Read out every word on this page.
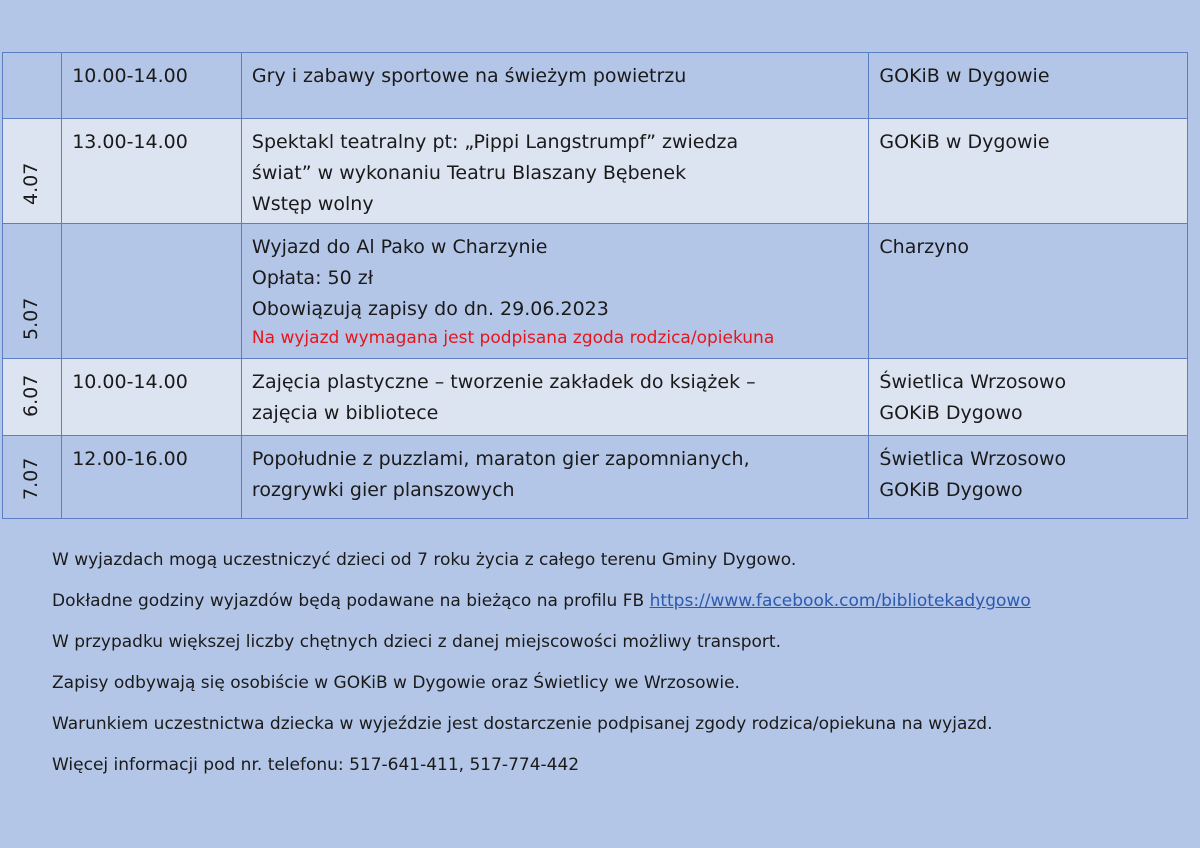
	10.00-14.00	Gry i zabawy sportowe na świeżym powietrzu	GOKiB w Dygowie

4.07	13.00-14.00	Spektakl teatralny pt: „Pippi Langstrumpf” zwiedza
świat” w wykonaniu Teatru Blaszany Bębenek
Wstęp wolny	GOKiB w Dygowie

5.07		Wyjazd do Al Pako w Charzynie
Opłata: 50 zł
Obowiązują zapisy do dn. 29.06.2023
Na wyjazd wymagana jest podpisana zgoda rodzica/opiekuna	Charzyno

6.07	10.00-14.00	Zajęcia plastyczne – tworzenie zakładek do książek –
zajęcia w bibliotece	Świetlica Wrzosowo
GOKiB Dygowo

7.07	12.00-16.00	Popołudnie z puzzlami, maraton gier zapomnianych,
rozgrywki gier planszowych	Świetlica Wrzosowo
GOKiB Dygowo

W wyjazdach mogą uczestniczyć dzieci od 7 roku życia z całego terenu Gminy Dygowo.

Dokładne godziny wyjazdów będą podawane na bieżąco na profilu FB https://www.facebook.com/bibliotekadygowo

W przypadku większej liczby chętnych dzieci z danej miejscowości możliwy transport.

Zapisy odbywają się osobiście w GOKiB w Dygowie oraz Świetlicy we Wrzosowie.

Warunkiem uczestnictwa dziecka w wyjeździe jest dostarczenie podpisanej zgody rodzica/opiekuna na wyjazd.

Więcej informacji pod nr. telefonu: 517-641-411, 517-774-442
